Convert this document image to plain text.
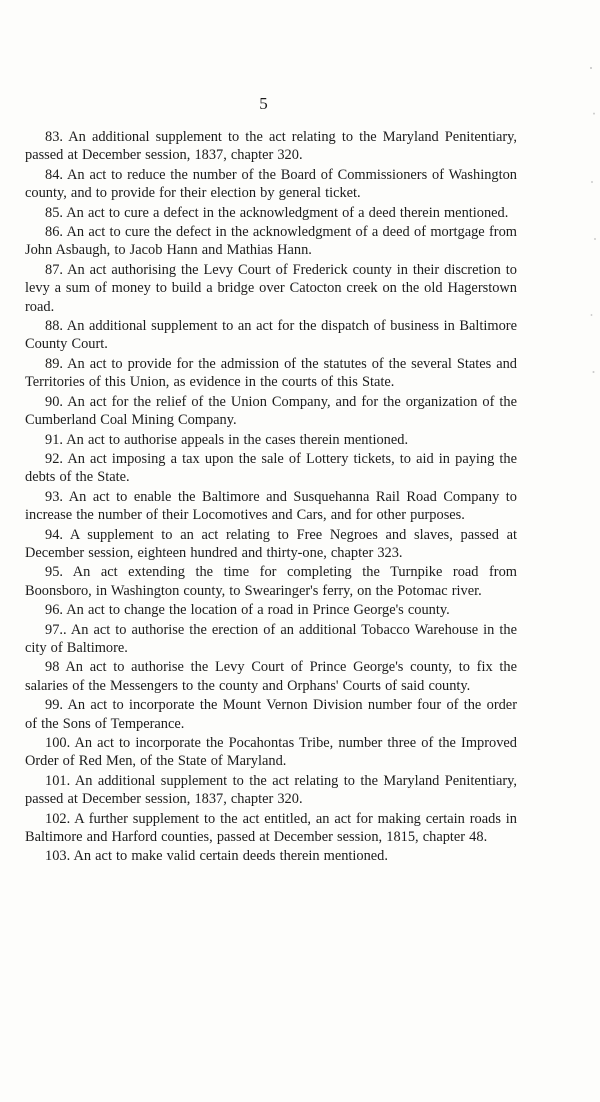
5

83. An additional supplement to the act relating to the Maryland Penitentiary, passed at December session, 1837, chapter 320.

84. An act to reduce the number of the Board of Commissioners of Washington county, and to provide for their election by general ticket.

85. An act to cure a defect in the acknowledgment of a deed therein mentioned.

86. An act to cure the defect in the acknowledgment of a deed of mortgage from John Asbaugh, to Jacob Hann and Mathias Hann.

87. An act authorising the Levy Court of Frederick county in their discretion to levy a sum of money to build a bridge over Catocton creek on the old Hagerstown road.

88. An additional supplement to an act for the dispatch of business in Baltimore County Court.

89. An act to provide for the admission of the statutes of the several States and Territories of this Union, as evidence in the courts of this State.

90. An act for the relief of the Union Company, and for the organization of the Cumberland Coal Mining Company.

91. An act to authorise appeals in the cases therein mentioned.

92. An act imposing a tax upon the sale of Lottery tickets, to aid in paying the debts of the State.

93. An act to enable the Baltimore and Susquehanna Rail Road Company to increase the number of their Locomotives and Cars, and for other purposes.

94. A supplement to an act relating to Free Negroes and slaves, passed at December session, eighteen hundred and thirty-one, chapter 323.

95. An act extending the time for completing the Turnpike road from Boonsboro, in Washington county, to Swearinger's ferry, on the Potomac river.

96. An act to change the location of a road in Prince George's county.

97.. An act to authorise the erection of an additional Tobacco Warehouse in the city of Baltimore.

98 An act to authorise the Levy Court of Prince George's county, to fix the salaries of the Messengers to the county and Orphans' Courts of said county.

99. An act to incorporate the Mount Vernon Division number four of the order of the Sons of Temperance.

100. An act to incorporate the Pocahontas Tribe, number three of the Improved Order of Red Men, of the State of Maryland.

101. An additional supplement to the act relating to the Maryland Penitentiary, passed at December session, 1837, chapter 320.

102. A further supplement to the act entitled, an act for making certain roads in Baltimore and Harford counties, passed at December session, 1815, chapter 48.

103. An act to make valid certain deeds therein mentioned.
